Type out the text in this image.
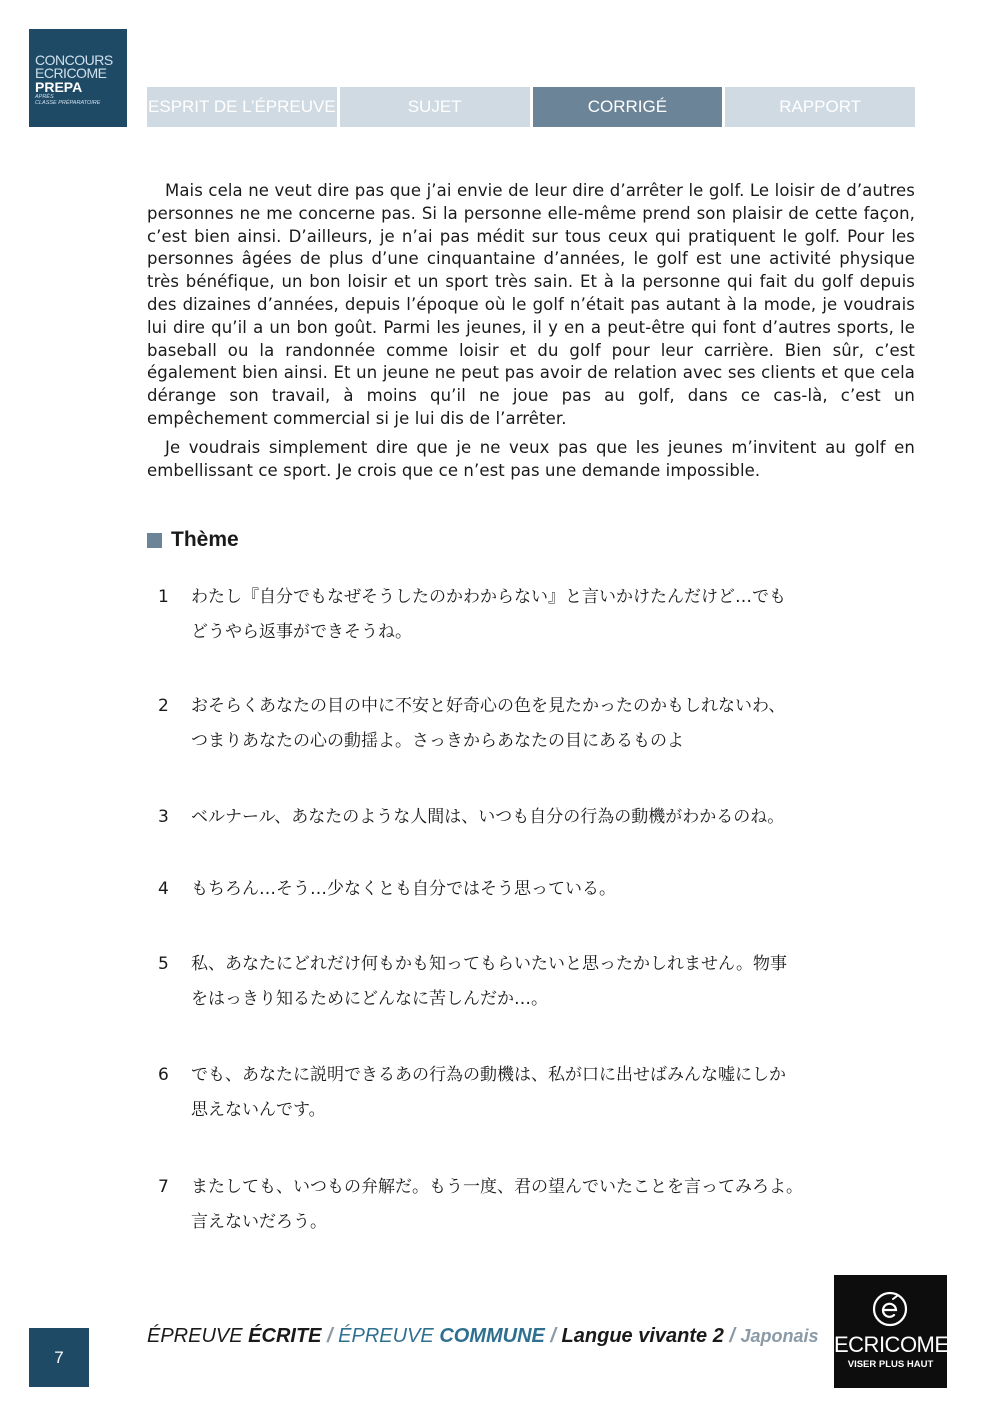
CONCOURS
ECRICOME
PREPA
APRÈS
CLASSE PRÉPARATOIRE	ESPRIT DE L’ÉPREUVE	SUJET	CORRIGÉ	RAPPORT

Mais cela ne veut dire pas que j’ai envie de leur dire d’arrêter le golf. Le loisir de d’autres personnes ne me concerne pas. Si la personne elle-même prend son plaisir de cette façon, c’est bien ainsi. D’ailleurs, je n’ai pas médit sur tous ceux qui pratiquent le golf. Pour les personnes âgées de plus d’une cinquantaine d’années, le golf est une activité physique très bénéfique, un bon loisir et un sport très sain. Et à la personne qui fait du golf depuis des dizaines d’années, depuis l’époque où le golf n’était pas autant à la mode, je voudrais lui dire qu’il a un bon goût. Parmi les jeunes, il y en a peut-être qui font d’autres sports, le baseball ou la randonnée comme loisir et du golf pour leur carrière. Bien sûr, c’est également bien ainsi. Et un jeune ne peut pas avoir de relation avec ses clients et que cela dérange son travail, à moins qu’il ne joue pas au golf, dans ce cas-là, c’est un empêchement commercial si je lui dis de l’arrêter.

Je voudrais simplement dire que je ne veux pas que les jeunes m’invitent au golf en embellissant ce sport. Je crois que ce n’est pas une demande impossible.

Thème
1	わたし『自分でもなぜそうしたのかわからない』と言いかけたんだけど…でも
どうやら返事ができそうね。
2	おそらくあなたの目の中に不安と好奇心の色を見たかったのかもしれないわ、
つまりあなたの心の動揺よ。さっきからあなたの目にあるものよ
3	ベルナール、あなたのような人間は、いつも自分の行為の動機がわかるのね。
4	もちろん…そう…少なくとも自分ではそう思っている。
5	私、あなたにどれだけ何もかも知ってもらいたいと思ったかしれません。物事
をはっきり知るためにどんなに苦しんだか…。
6	でも、あなたに説明できるあの行為の動機は、私が口に出せばみんな嘘にしか
思えないんです。
7	またしても、いつもの弁解だ。もう一度、君の望んでいたことを言ってみろよ。
言えないだろう。
7
ÉPREUVE ÉCRITE / ÉPREUVE COMMUNE / Langue vivante 2 / Japonais ECRICOME
VISER PLUS HAUT
